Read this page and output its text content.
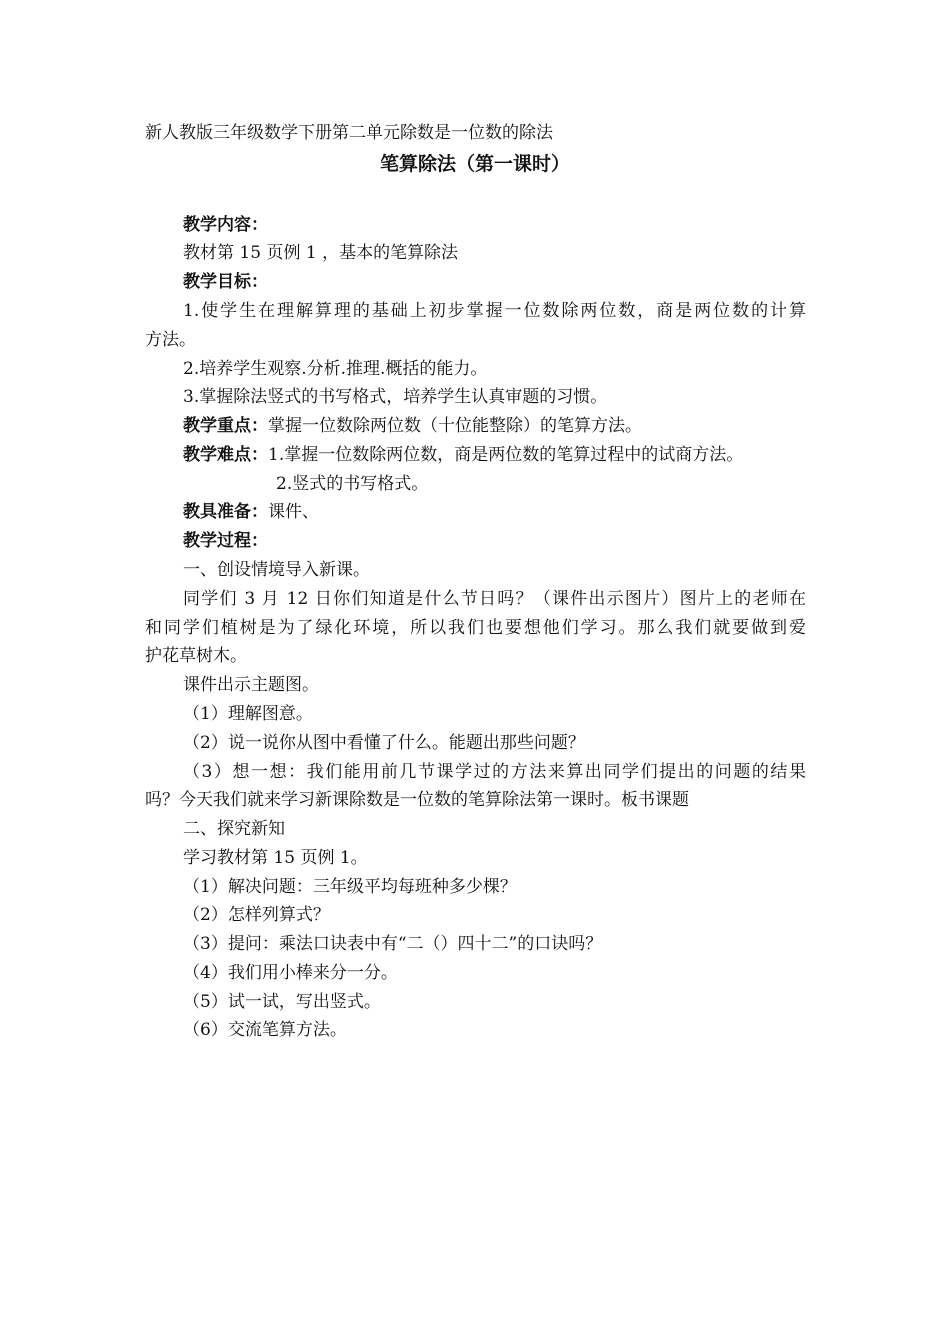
新人教版三年级数学下册第二单元除数是一位数的除法
笔算除法（第一课时）
教学内容：
教材第 15 页例 1 ，基本的笔算除法
教学目标：
1.使学生在理解算理的基础上初步掌握一位数除两位数，商是两位数的计算
方法。
2.培养学生观察.分析.推理.概括的能力。
3.掌握除法竖式的书写格式，培养学生认真审题的习惯。
教学重点：掌握一位数除两位数（十位能整除）的笔算方法。
教学难点：1.掌握一位数除两位数，商是两位数的笔算过程中的试商方法。
2.竖式的书写格式。
教具准备：课件、
教学过程：
一、创设情境导入新课。
同学们 3 月 12 日你们知道是什么节日吗？（课件出示图片）图片上的老师在
和同学们植树是为了绿化环境，所以我们也要想他们学习。那么我们就要做到爱
护花草树木。
课件出示主题图。
（1）理解图意。
（2）说一说你从图中看懂了什么。能题出那些问题？
（3）想一想：我们能用前几节课学过的方法来算出同学们提出的问题的结果
吗？今天我们就来学习新课除数是一位数的笔算除法第一课时。板书课题
二、探究新知
学习教材第 15 页例 1。
（1）解决问题：三年级平均每班种多少棵？
（2）怎样列算式？
（3）提问：乘法口诀表中有“二（）四十二”的口诀吗？
（4）我们用小棒来分一分。
（5）试一试，写出竖式。
（6）交流笔算方法。
